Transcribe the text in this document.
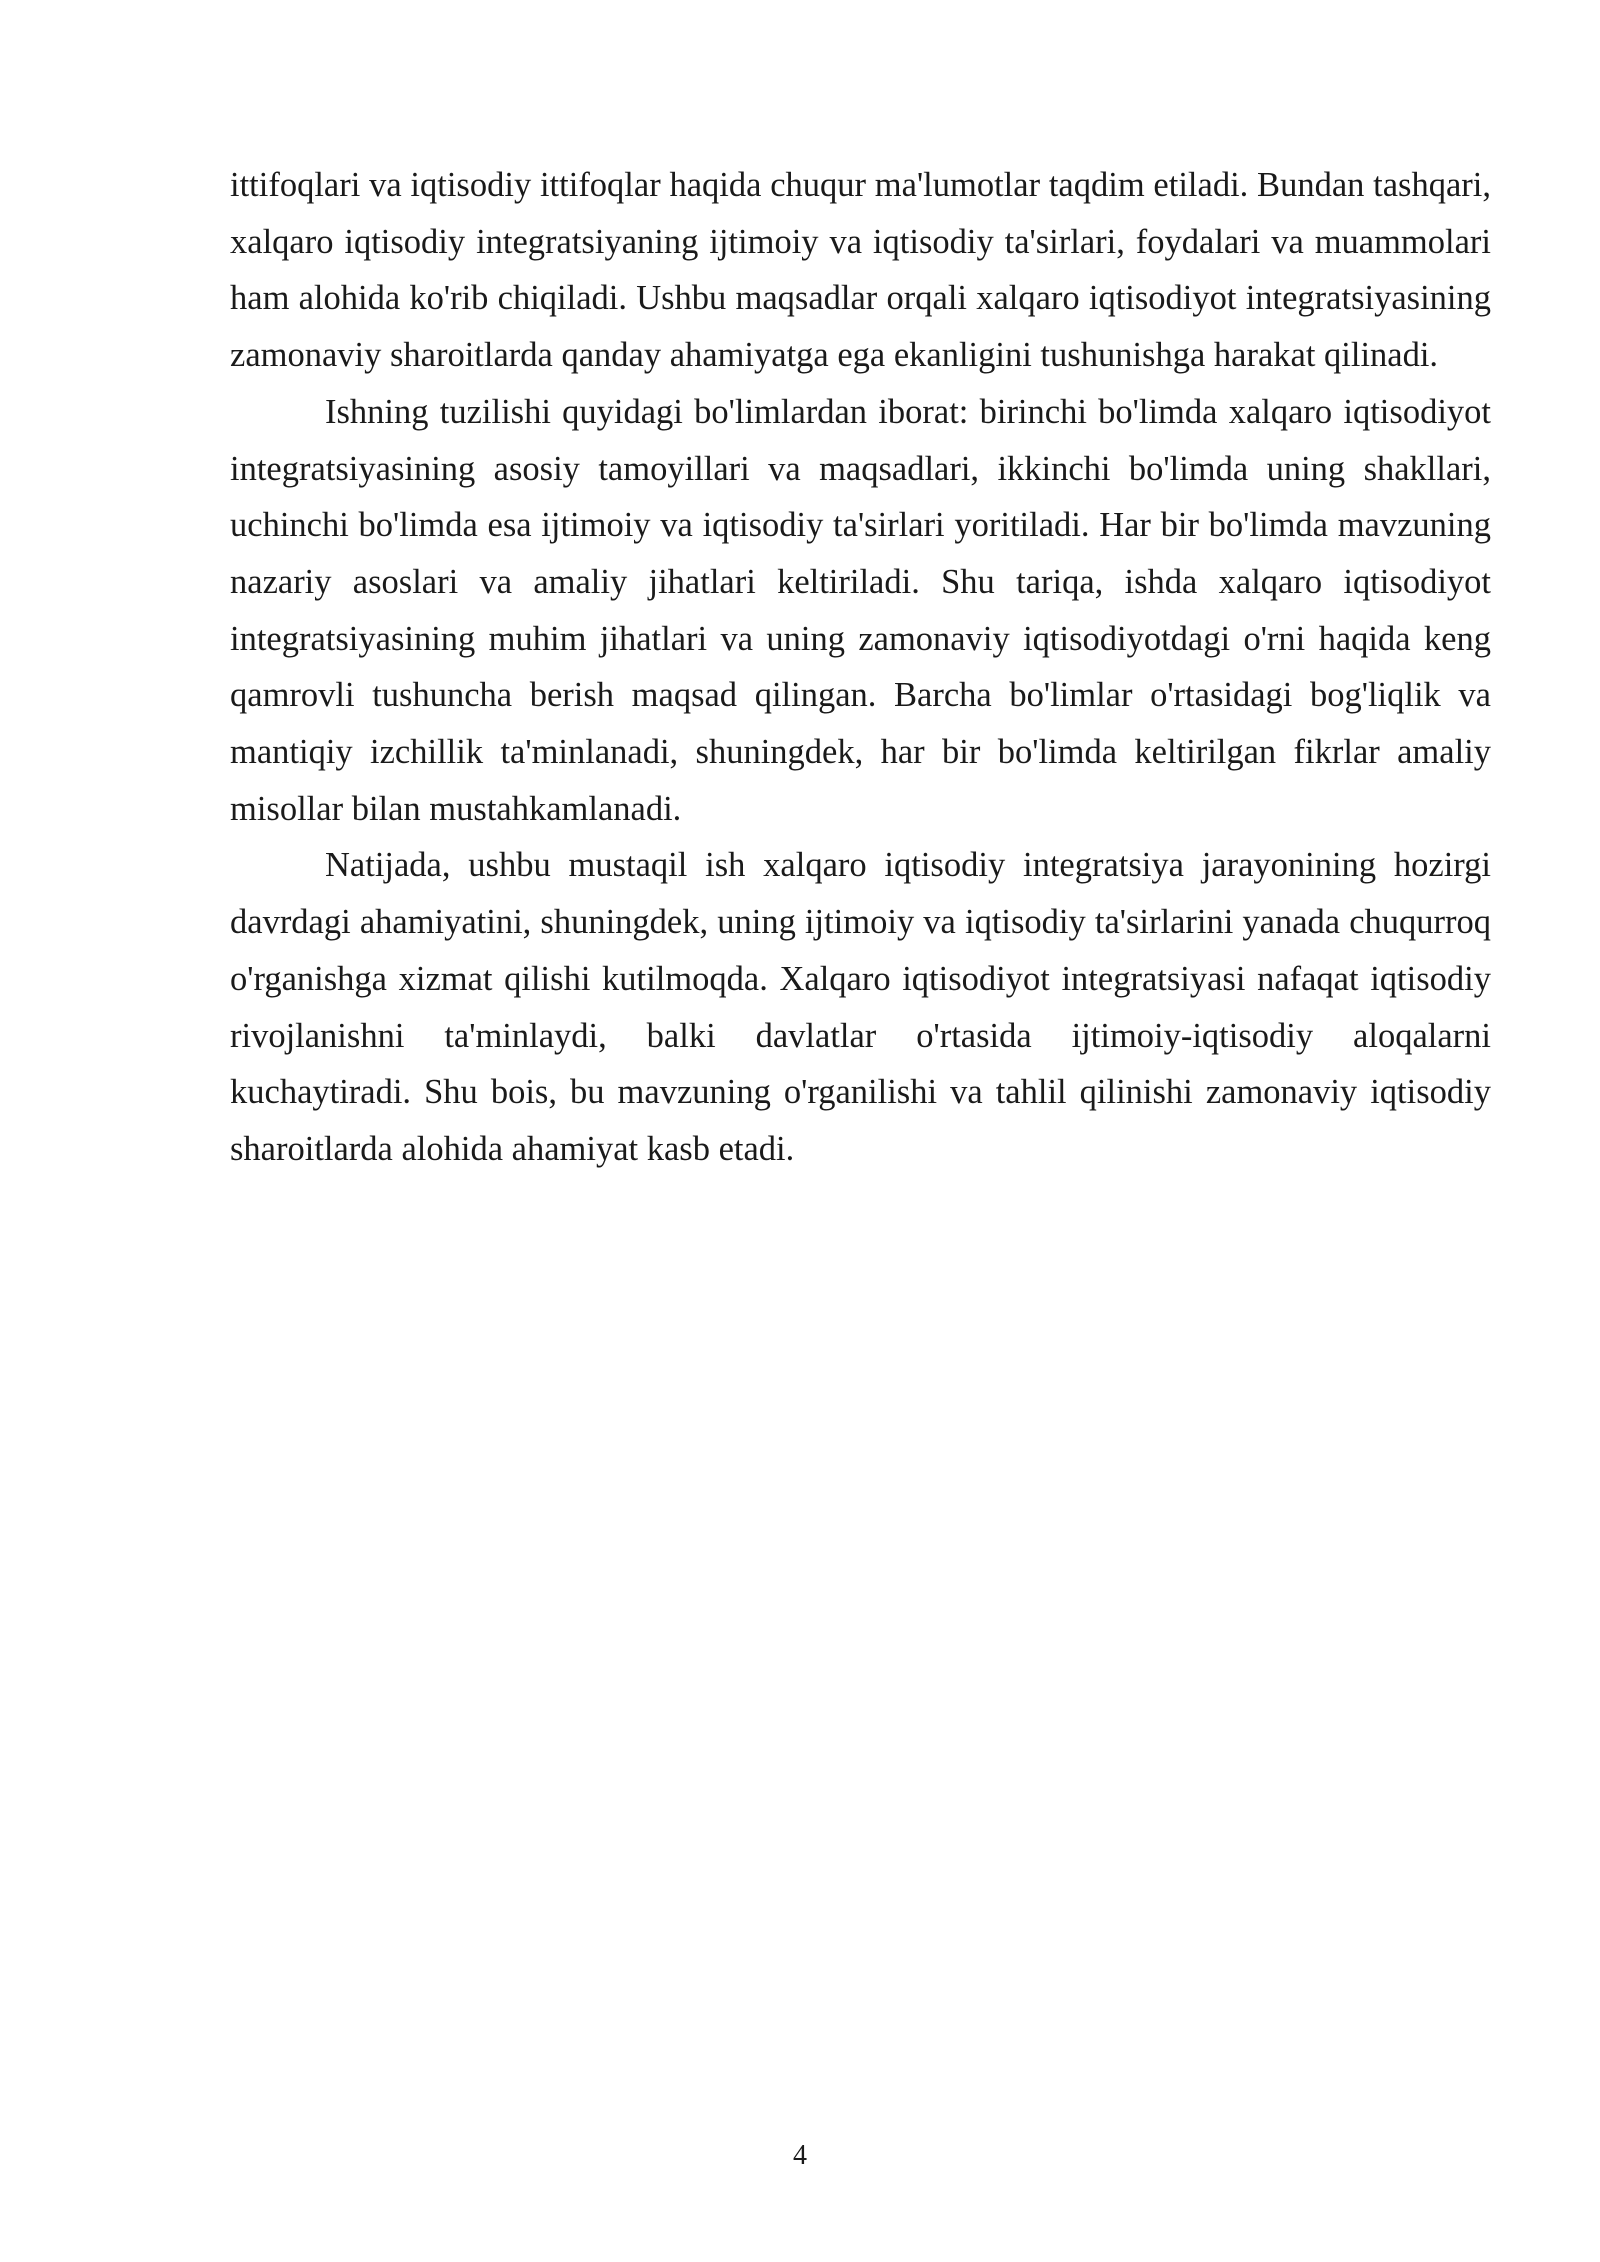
ittifoqlari va iqtisodiy ittifoqlar haqida chuqur ma'lumotlar taqdim etiladi. Bundan tashqari, xalqaro iqtisodiy integratsiyaning ijtimoiy va iqtisodiy ta'sirlari, foydalari va muammolari ham alohida ko'rib chiqiladi. Ushbu maqsadlar orqali xalqaro iqtisodiyot integratsiyasining zamonaviy sharoitlarda qanday ahamiyatga ega ekanligini tushunishga harakat qilinadi.

Ishning tuzilishi quyidagi bo'limlardan iborat: birinchi bo'limda xalqaro iqtisodiyot integratsiyasining asosiy tamoyillari va maqsadlari, ikkinchi bo'limda uning shakllari, uchinchi bo'limda esa ijtimoiy va iqtisodiy ta'sirlari yoritiladi. Har bir bo'limda mavzuning nazariy asoslari va amaliy jihatlari keltiriladi. Shu tariqa, ishda xalqaro iqtisodiyot integratsiyasining muhim jihatlari va uning zamonaviy iqtisodiyotdagi o'rni haqida keng qamrovli tushuncha berish maqsad qilingan. Barcha bo'limlar o'rtasidagi bog'liqlik va mantiqiy izchillik ta'minlanadi, shuningdek, har bir bo'limda keltirilgan fikrlar amaliy misollar bilan mustahkamlanadi.

Natijada, ushbu mustaqil ish xalqaro iqtisodiy integratsiya jarayonining hozirgi davrdagi ahamiyatini, shuningdek, uning ijtimoiy va iqtisodiy ta'sirlarini yanada chuqurroq o'rganishga xizmat qilishi kutilmoqda. Xalqaro iqtisodiyot integratsiyasi nafaqat iqtisodiy rivojlanishni ta'minlaydi, balki davlatlar o'rtasida ijtimoiy-iqtisodiy aloqalarni kuchaytiradi. Shu bois, bu mavzuning o'rganilishi va tahlil qilinishi zamonaviy iqtisodiy sharoitlarda alohida ahamiyat kasb etadi.

4
